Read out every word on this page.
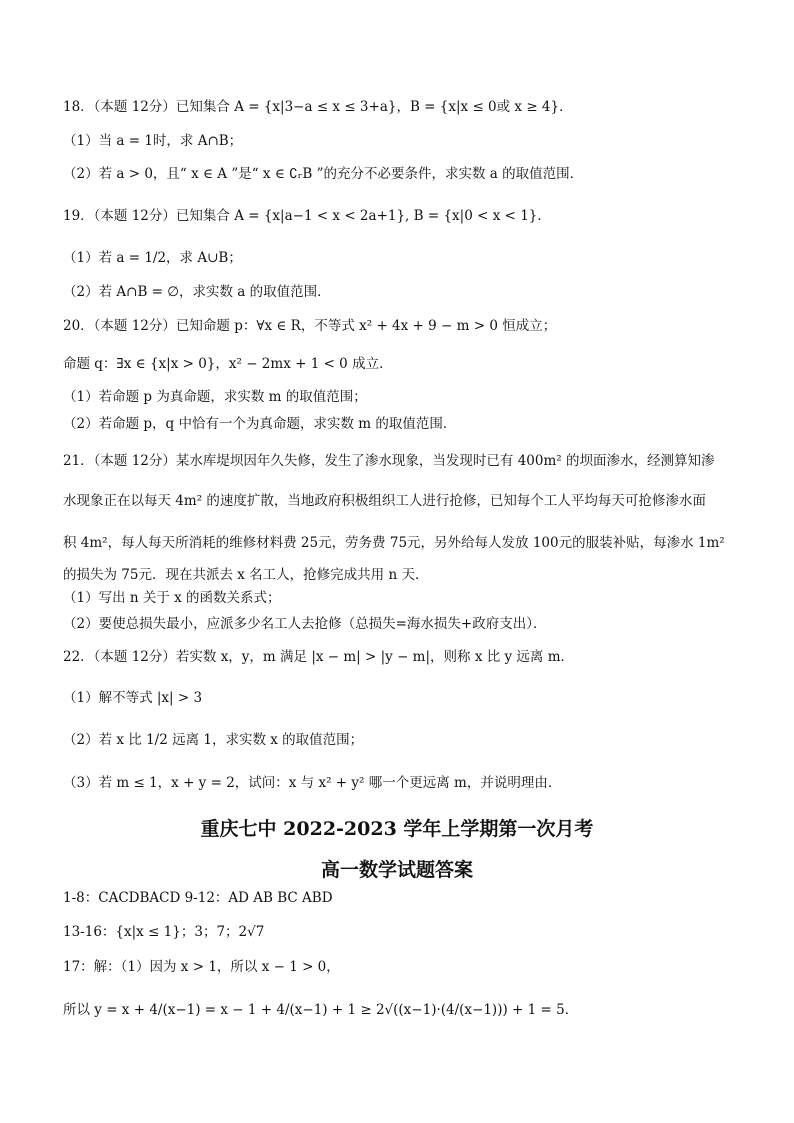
18．（本题 12分）已知集合 A = {x|3−a ≤ x ≤ 3+a}，B = {x|x ≤ 0或 x ≥ 4}．
（1）当 a = 1时，求 A∩B；
（2）若 a > 0，且“ x ∈ A ”是“ x ∈ ∁ᵣB ”的充分不必要条件，求实数 a 的取值范围．
19．（本题 12分）已知集合 A = {x|a−1 < x < 2a+1}, B = {x|0 < x < 1}．
（1）若 a = 1/2，求 A∪B；
（2）若 A∩B = ∅，求实数 a 的取值范围．
20．（本题 12分）已知命题 p：∀x ∈ R，不等式 x² + 4x + 9 − m > 0 恒成立；
命题 q：∃x ∈ {x|x > 0}，x² − 2mx + 1 < 0 成立．
（1）若命题 p 为真命题，求实数 m 的取值范围；
（2）若命题 p，q 中恰有一个为真命题，求实数 m 的取值范围．
21．（本题 12分）某水库堤坝因年久失修，发生了渗水现象，当发现时已有 400m² 的坝面渗水，经测算知渗
水现象正在以每天 4m² 的速度扩散，当地政府积极组织工人进行抢修，已知每个工人平均每天可抢修渗水面
积 4m²，每人每天所消耗的维修材料费 25元，劳务费 75元，另外给每人发放 100元的服装补贴，每渗水 1m²
的损失为 75元．现在共派去 x 名工人，抢修完成共用 n 天．
（1）写出 n 关于 x 的函数关系式；
（2）要使总损失最小，应派多少名工人去抢修（总损失=海水损失+政府支出）．
22．（本题 12分）若实数 x，y，m 满足 |x − m| > |y − m|，则称 x 比 y 远离 m．
（1）解不等式 |x| > 3
（2）若 x 比 1/2 远离 1，求实数 x 的取值范围；
（3）若 m ≤ 1，x + y = 2，试问：x 与 x² + y² 哪一个更远离 m，并说明理由．
重庆七中 2022-2023 学年上学期第一次月考
高一数学试题答案
1-8：CACDBACD 9-12：AD AB BC ABD
13-16：{x|x ≤ 1}；3；7；2√7
17：解：（1）因为 x > 1，所以 x − 1 > 0，
所以 y = x + 4/(x−1) = x − 1 + 4/(x−1) + 1 ≥ 2√((x−1)·(4/(x−1))) + 1 = 5．
